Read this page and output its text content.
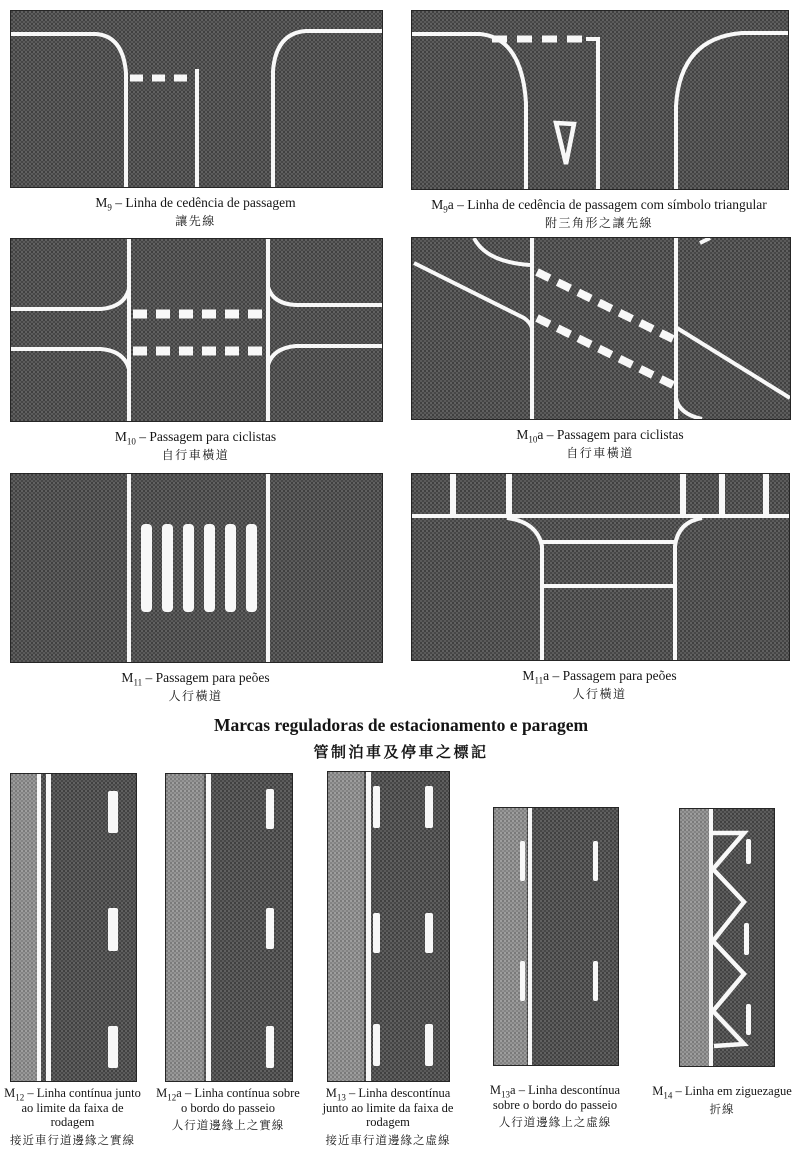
$M_9$ – Linha de cedência de passagem
讓先線
$M_9a$ – Linha de cedência de passagem com símbolo triangular
附三角形之讓先線
$M_{10}$ – Passagem para ciclistas
自行車橫道
$M_{10}a$ – Passagem para ciclistas
自行車橫道
$M_{11}$ – Passagem para peões
人行橫道
$M_{11}a$ – Passagem para peões
人行橫道
Marcas reguladoras de estacionamento e paragem
管制泊車及停車之標記
$M_{12}$ – Linha contínua junto ao limite da faixa de rodagem
接近車行道邊緣之實線
$M_{12}a$ – Linha contínua sobre o bordo do passeio
人行道邊緣上之實線
$M_{13}$ – Linha descontínua junto ao limite da faixa de rodagem
接近車行道邊緣之虛線
$M_{13}a$ – Linha descontínua sobre o bordo do passeio
人行道邊緣上之虛線
$M_{14}$ – Linha em ziguezague
折線
